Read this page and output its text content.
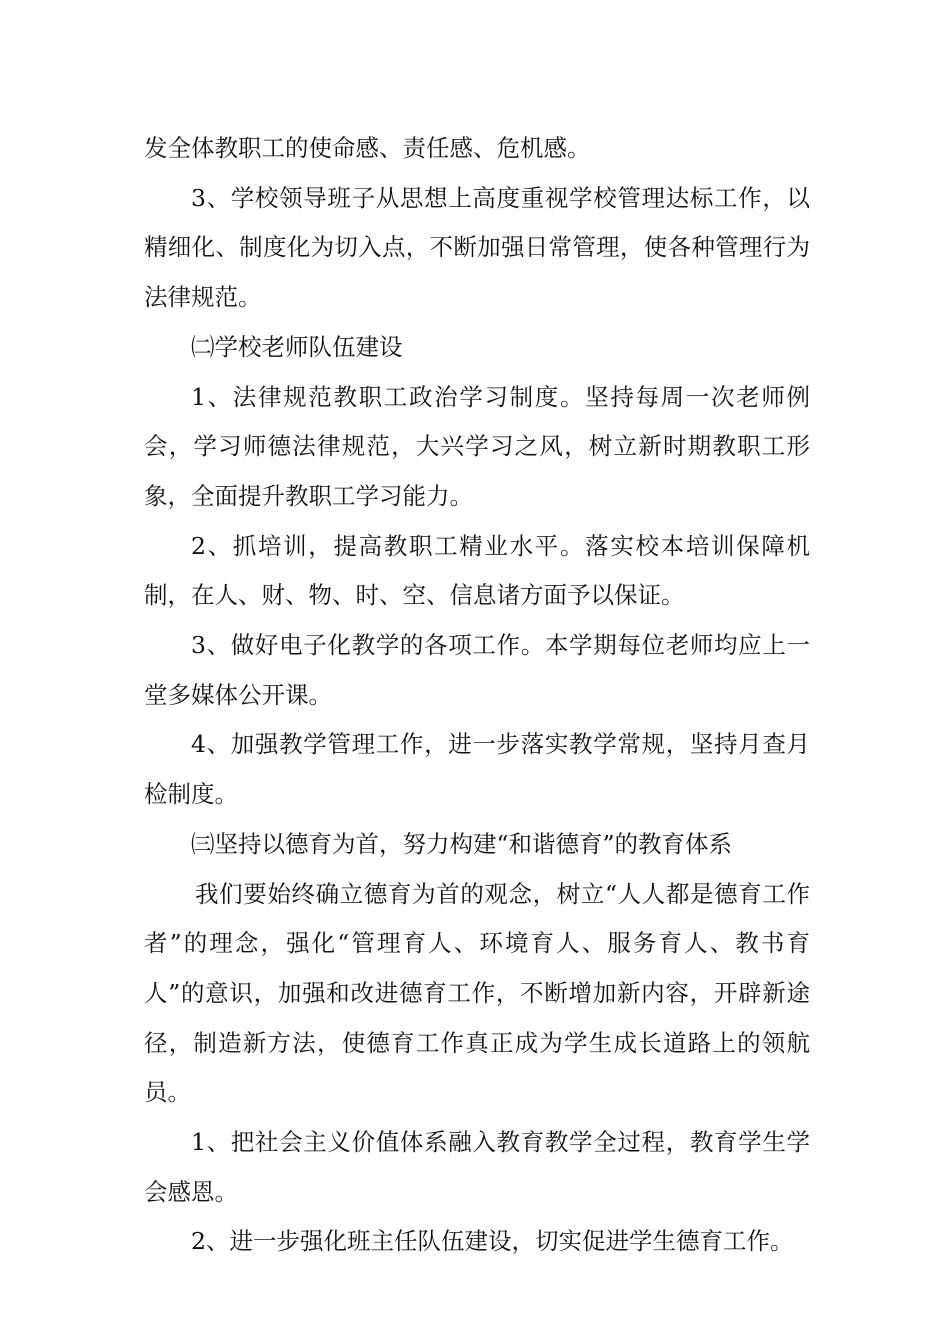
发全体教职工的使命感、责任感、危机感。

3、学校领导班子从思想上高度重视学校管理达标工作，以精细化、制度化为切入点，不断加强日常管理，使各种管理行为法律规范。

㈡学校老师队伍建设

1、法律规范教职工政治学习制度。坚持每周一次老师例会，学习师德法律规范，大兴学习之风，树立新时期教职工形象，全面提升教职工学习能力。

2、抓培训，提高教职工精业水平。落实校本培训保障机制，在人、财、物、时、空、信息诸方面予以保证。

3、做好电子化教学的各项工作。本学期每位老师均应上一堂多媒体公开课。

4、加强教学管理工作，进一步落实教学常规，坚持月查月检制度。

㈢坚持以德育为首，努力构建“和谐德育”的教育体系

我们要始终确立德育为首的观念，树立“人人都是德育工作者”的理念，强化“管理育人、环境育人、服务育人、教书育人”的意识，加强和改进德育工作，不断增加新内容，开辟新途径，制造新方法，使德育工作真正成为学生成长道路上的领航员。

1、把社会主义价值体系融入教育教学全过程，教育学生学会感恩。

2、进一步强化班主任队伍建设，切实促进学生德育工作。
